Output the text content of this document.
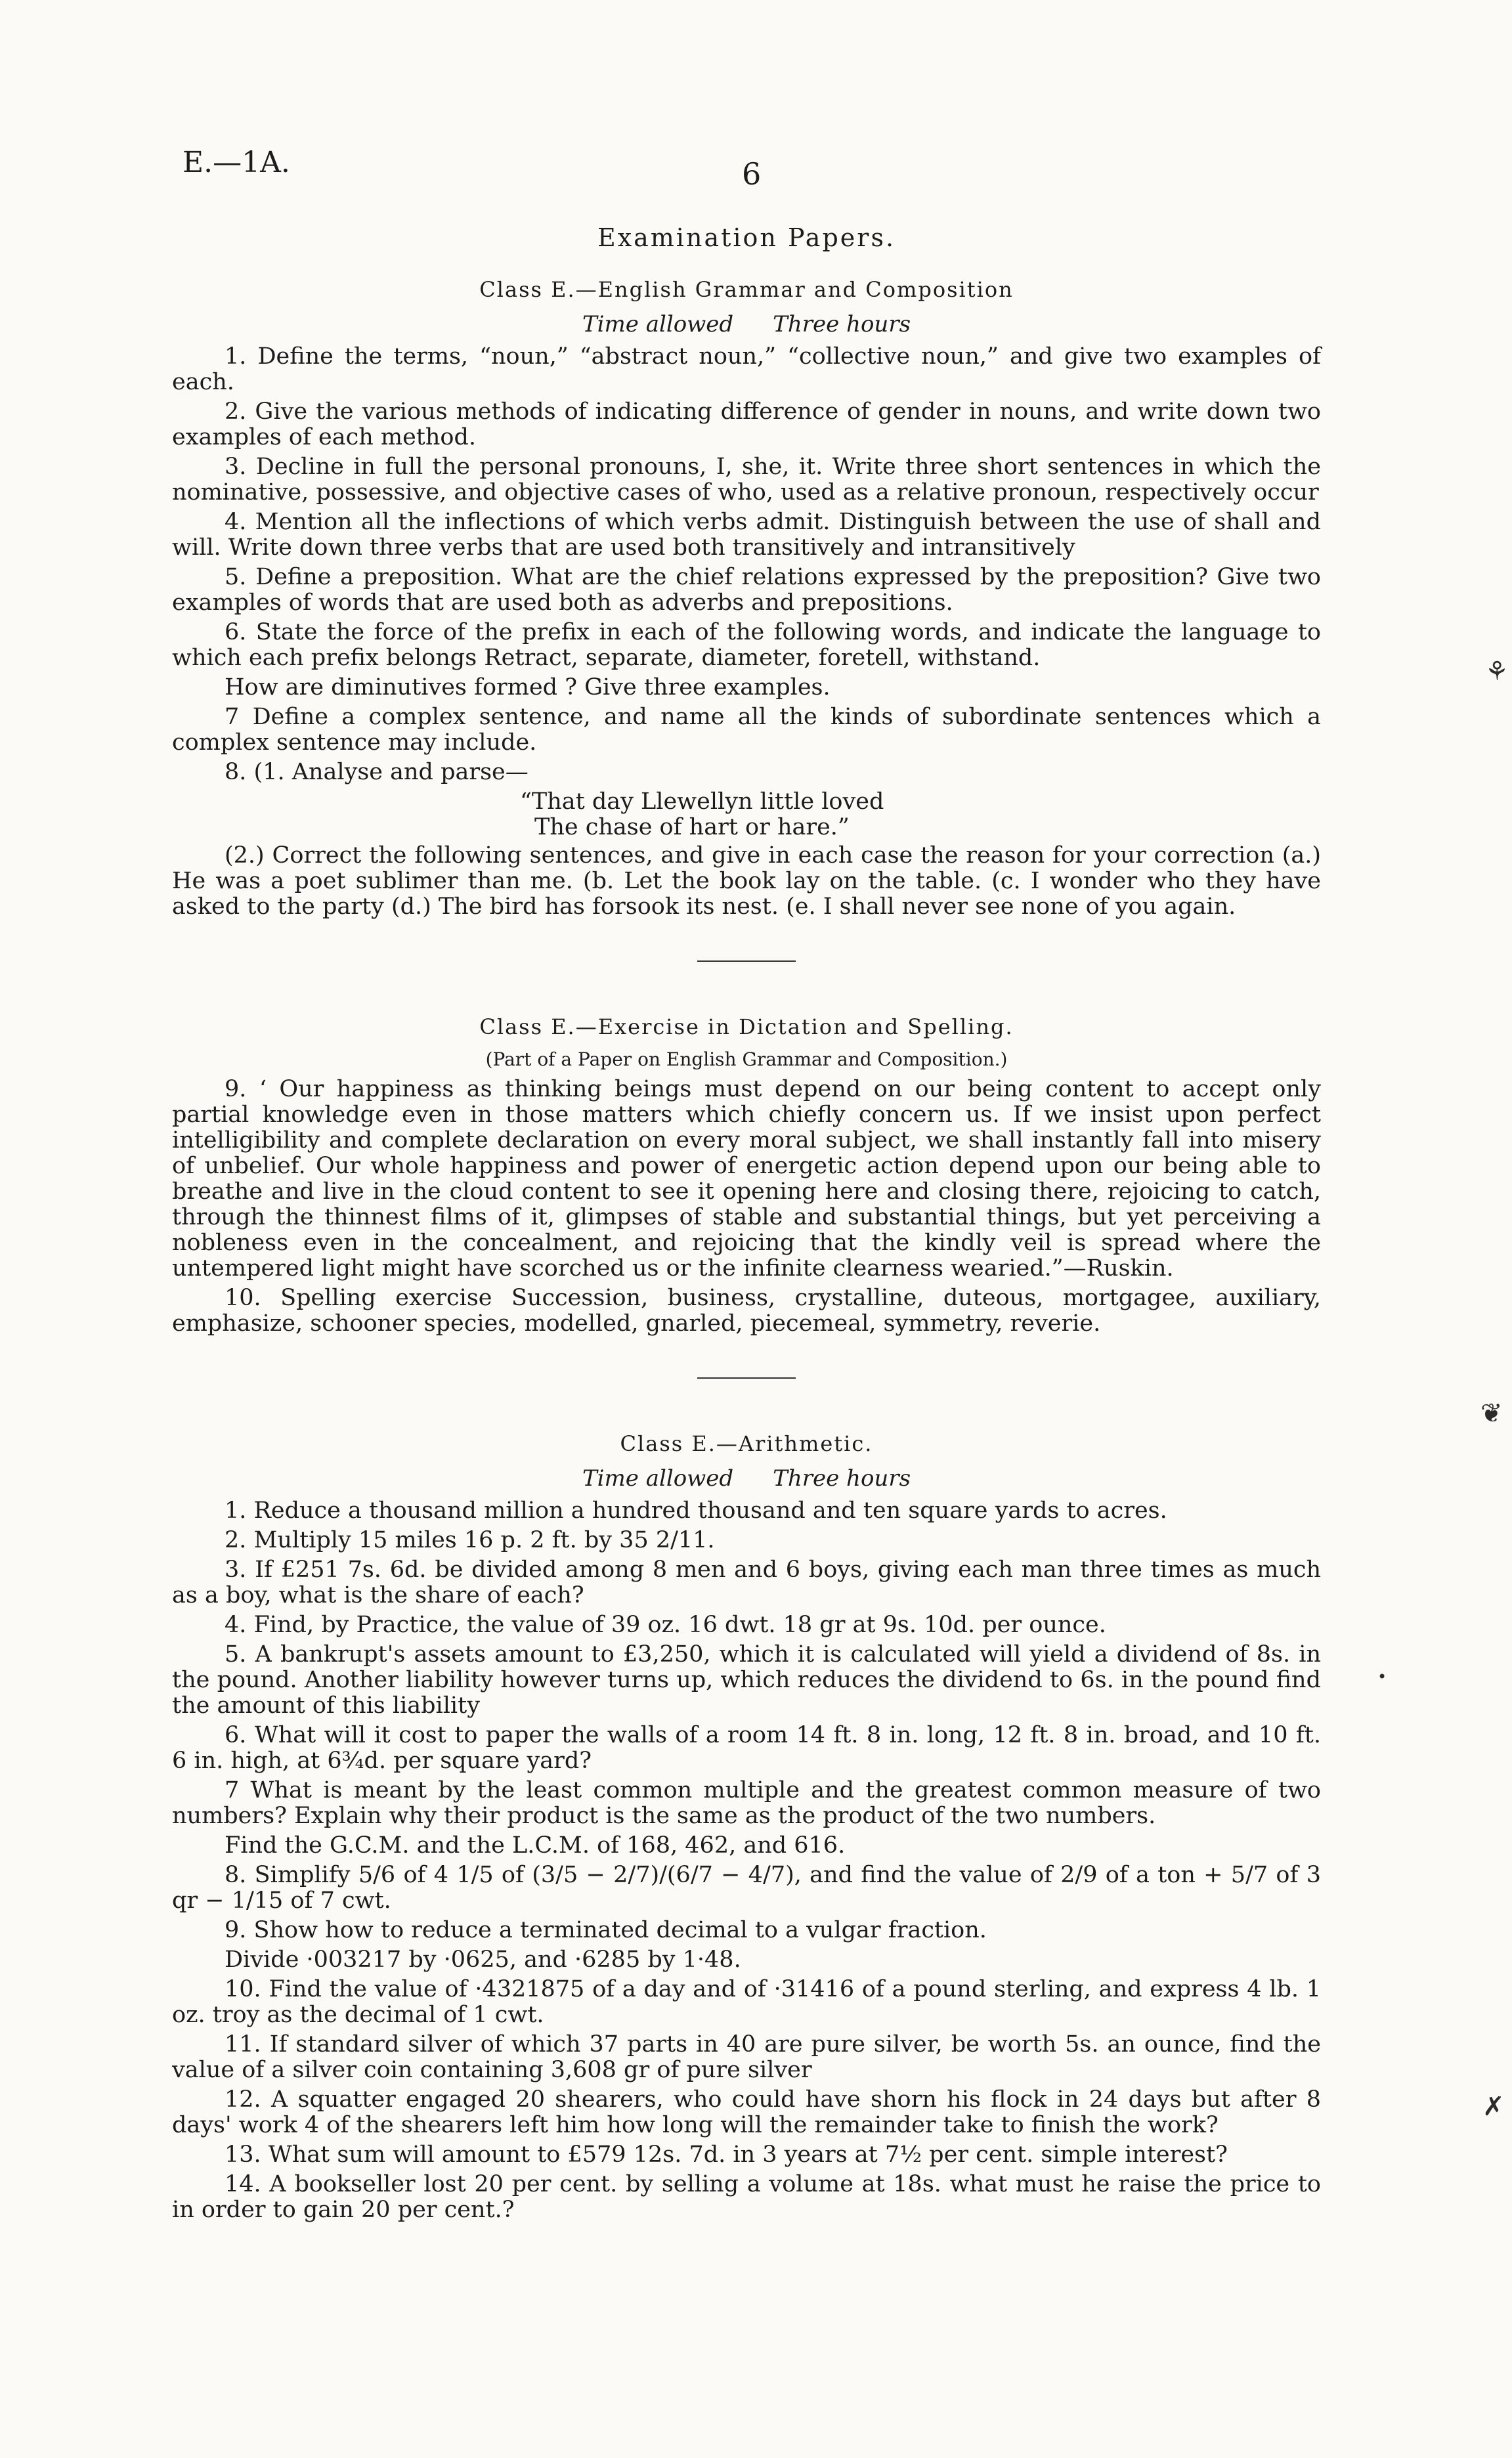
E.—1A.	6
⚘
❦
✗
•
Examination Papers.
Class E.—English Grammar and Composition
Time allowed Three hours

1. Define the terms, “noun,” “abstract noun,” “collective noun,” and give two examples of each.

2. Give the various methods of indicating difference of gender in nouns, and write down two examples of each method.

3. Decline in full the personal pronouns, I, she, it. Write three short sentences in which the nominative, possessive, and objective cases of who, used as a relative pronoun, respectively occur

4. Mention all the inflections of which verbs admit. Distinguish between the use of shall and will. Write down three verbs that are used both transitively and intransitively

5. Define a preposition. What are the chief relations expressed by the preposition? Give two examples of words that are used both as adverbs and prepositions.

6. State the force of the prefix in each of the following words, and indicate the language to which each prefix belongs Retract, separate, diameter, foretell, withstand.

How are diminutives formed ? Give three examples.

7 Define a complex sentence, and name all the kinds of subordinate sentences which a complex sentence may include.

8. (1. Analyse and parse—

“That day Llewellyn little loved
The chase of hart or hare.”

(2.) Correct the following sentences, and give in each case the reason for your correction (a.) He was a poet sublimer than me. (b. Let the book lay on the table. (c. I wonder who they have asked to the party (d.) The bird has forsook its nest. (e. I shall never see none of you again.

Class E.—Exercise in Dictation and Spelling.
(Part of a Paper on English Grammar and Composition.)

9. ‘ Our happiness as thinking beings must depend on our being content to accept only partial knowledge even in those matters which chiefly concern us. If we insist upon perfect intelligibility and complete declaration on every moral subject, we shall instantly fall into misery of unbelief. Our whole happiness and power of energetic action depend upon our being able to breathe and live in the cloud content to see it opening here and closing there, rejoicing to catch, through the thinnest films of it, glimpses of stable and substantial things, but yet perceiving a nobleness even in the concealment, and rejoicing that the kindly veil is spread where the untempered light might have scorched us or the infinite clearness wearied.”—Ruskin.

10. Spelling exercise Succession, business, crystalline, duteous, mortgagee, auxiliary, emphasize, schooner species, modelled, gnarled, piecemeal, symmetry, reverie.

Class E.—Arithmetic.
Time allowed Three hours

1. Reduce a thousand million a hundred thousand and ten square yards to acres.

2. Multiply 15 miles 16 p. 2 ft. by 35 2/11.

3. If £251 7s. 6d. be divided among 8 men and 6 boys, giving each man three times as much as a boy, what is the share of each?

4. Find, by Practice, the value of 39 oz. 16 dwt. 18 gr at 9s. 10d. per ounce.

5. A bankrupt's assets amount to £3,250, which it is calculated will yield a dividend of 8s. in the pound. Another liability however turns up, which reduces the dividend to 6s. in the pound find the amount of this liability

6. What will it cost to paper the walls of a room 14 ft. 8 in. long, 12 ft. 8 in. broad, and 10 ft. 6 in. high, at 6¾d. per square yard?

7 What is meant by the least common multiple and the greatest common measure of two numbers? Explain why their product is the same as the product of the two numbers.

Find the G.C.M. and the L.C.M. of 168, 462, and 616.

8. Simplify 5/6 of 4 1/5 of (3/5 − 2/7)/(6/7 − 4/7), and find the value of 2/9 of a ton + 5/7 of 3 qr − 1/15 of 7 cwt.

9. Show how to reduce a terminated decimal to a vulgar fraction.

Divide ·003217 by ·0625, and ·6285 by 1·48.

10. Find the value of ·4321875 of a day and of ·31416 of a pound sterling, and express 4 lb. 1 oz. troy as the decimal of 1 cwt.

11. If standard silver of which 37 parts in 40 are pure silver, be worth 5s. an ounce, find the value of a silver coin containing 3,608 gr of pure silver

12. A squatter engaged 20 shearers, who could have shorn his flock in 24 days but after 8 days' work 4 of the shearers left him how long will the remainder take to finish the work?

13. What sum will amount to £579 12s. 7d. in 3 years at 7½ per cent. simple interest?

14. A bookseller lost 20 per cent. by selling a volume at 18s. what must he raise the price to in order to gain 20 per cent.?
